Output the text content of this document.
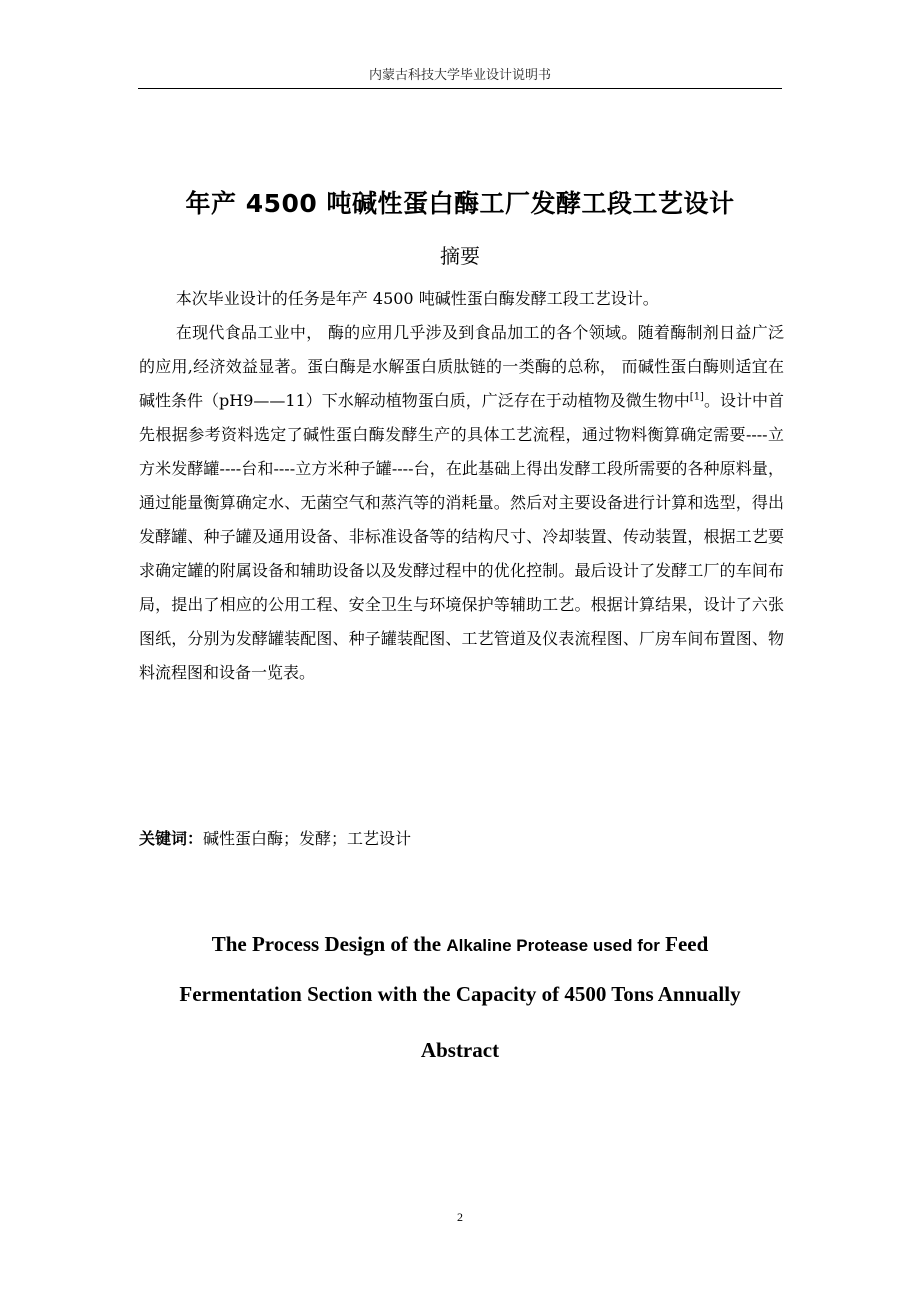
内蒙古科技大学毕业设计说明书
年产 4500 吨碱性蛋白酶工厂发酵工段工艺设计
摘要

本次毕业设计的任务是年产 4500 吨碱性蛋白酶发酵工段工艺设计。

在现代食品工业中， 酶的应用几乎涉及到食品加工的各个领域。随着酶制剂日益广泛的应用,经济效益显著。蛋白酶是水解蛋白质肽链的一类酶的总称， 而碱性蛋白酶则适宜在碱性条件（pH9——11）下水解动植物蛋白质，广泛存在于动植物及微生物中[1]。设计中首先根据参考资料选定了碱性蛋白酶发酵生产的具体工艺流程，通过物料衡算确定需要----立方米发酵罐----台和----立方米种子罐----台，在此基础上得出发酵工段所需要的各种原料量，通过能量衡算确定水、无菌空气和蒸汽等的消耗量。然后对主要设备进行计算和选型，得出发酵罐、种子罐及通用设备、非标准设备等的结构尺寸、冷却装置、传动装置，根据工艺要求确定罐的附属设备和辅助设备以及发酵过程中的优化控制。最后设计了发酵工厂的车间布局，提出了相应的公用工程、安全卫生与环境保护等辅助工艺。根据计算结果，设计了六张图纸，分别为发酵罐装配图、种子罐装配图、工艺管道及仪表流程图、厂房车间布置图、物料流程图和设备一览表。

关键词：碱性蛋白酶；发酵；工艺设计
The Process Design of the Alkaline Protease used for Feed
Fermentation Section with the Capacity of 4500 Tons Annually
Abstract
2
